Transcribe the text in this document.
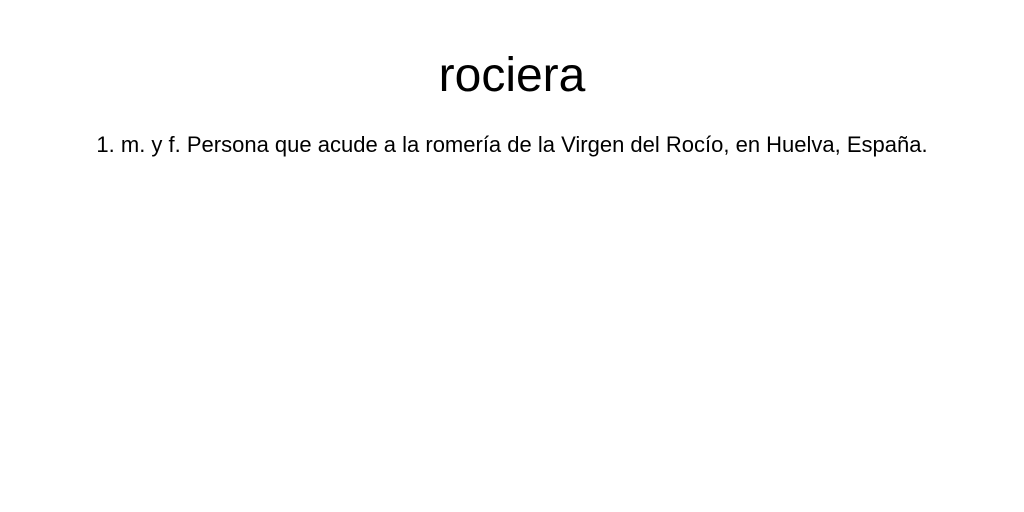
rociera

1. m. y f. Persona que acude a la romería de la Virgen del Rocío, en Huelva, España.
